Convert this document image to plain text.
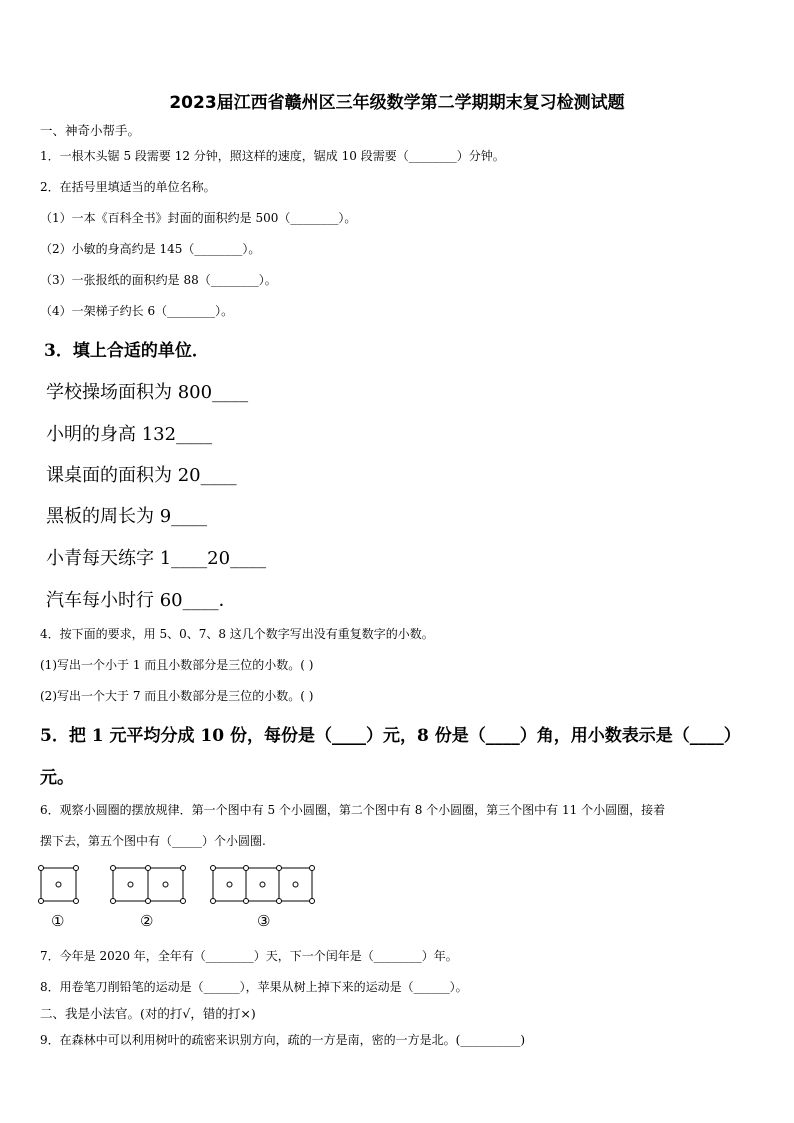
2023届江西省赣州区三年级数学第二学期期末复习检测试题
一、神奇小帮手。
1．一根木头锯 5 段需要 12 分钟，照这样的速度，锯成 10 段需要（________）分钟。
2．在括号里填适当的单位名称。
（1）一本《百科全书》封面的面积约是 500（________）。
（2）小敏的身高约是 145（________）。
（3）一张报纸的面积约是 88（________）。
（4）一架梯子约长 6（________）。
3．填上合适的单位．
学校操场面积为 800____
小明的身高 132____
课桌面的面积为 20____
黑板的周长为 9____
小青每天练字 1____20____
汽车每小时行 60____．
4．按下面的要求，用 5、0、7、8 这几个数字写出没有重复数字的小数。
(1)写出一个小于 1 而且小数部分是三位的小数。( )
(2)写出一个大于 7 而且小数部分是三位的小数。( )
5．把 1 元平均分成 10 份，每份是（____）元，8 份是（____）角，用小数表示是（____）
元。
6．观察小圆圈的摆放规律．第一个图中有 5 个小圆圈，第二个图中有 8 个小圆圈，第三个图中有 11 个小圆圈，接着
摆下去，第五个图中有（_____）个小圆圈.
①	②	③
7．今年是 2020 年，全年有（________）天，下一个闰年是（________）年。
8．用卷笔刀削铅笔的运动是（______），苹果从树上掉下来的运动是（______）。
二、我是小法官。(对的打√，错的打×)
9．在森林中可以利用树叶的疏密来识别方向，疏的一方是南，密的一方是北。(__________)
